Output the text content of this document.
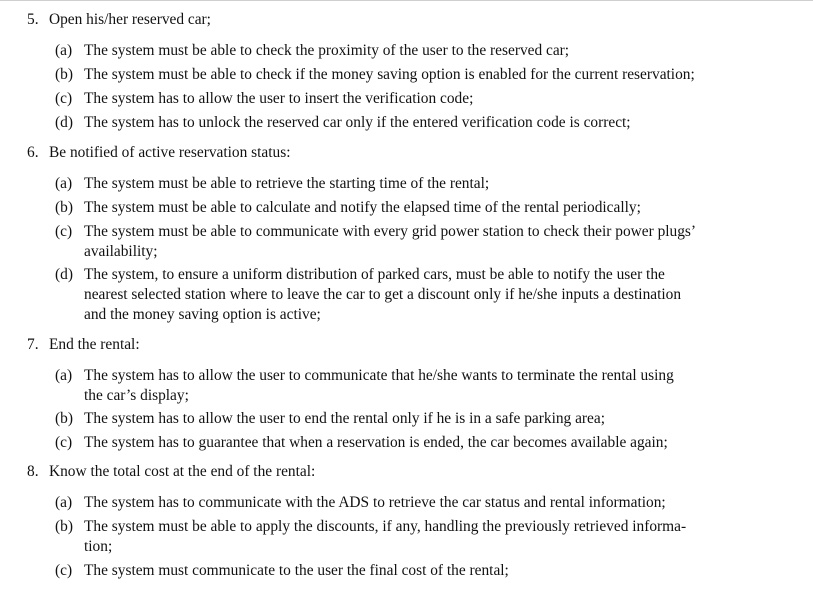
5. Open his/her reserved car;
(a) The system must be able to check the proximity of the user to the reserved car;
(b) The system must be able to check if the money saving option is enabled for the current reservation;
(c) The system has to allow the user to insert the verification code;
(d) The system has to unlock the reserved car only if the entered verification code is correct;
6. Be notified of active reservation status:
(a) The system must be able to retrieve the starting time of the rental;
(b) The system must be able to calculate and notify the elapsed time of the rental periodically;
(c) The system must be able to communicate with every grid power station to check their power plugs’
availability;
(d) The system, to ensure a uniform distribution of parked cars, must be able to notify the user the
nearest selected station where to leave the car to get a discount only if he/she inputs a destination
and the money saving option is active;
7. End the rental:
(a) The system has to allow the user to communicate that he/she wants to terminate the rental using
the car’s display;
(b) The system has to allow the user to end the rental only if he is in a safe parking area;
(c) The system has to guarantee that when a reservation is ended, the car becomes available again;
8. Know the total cost at the end of the rental:
(a) The system has to communicate with the ADS to retrieve the car status and rental information;
(b) The system must be able to apply the discounts, if any, handling the previously retrieved informa-
tion;
(c) The system must communicate to the user the final cost of the rental;
